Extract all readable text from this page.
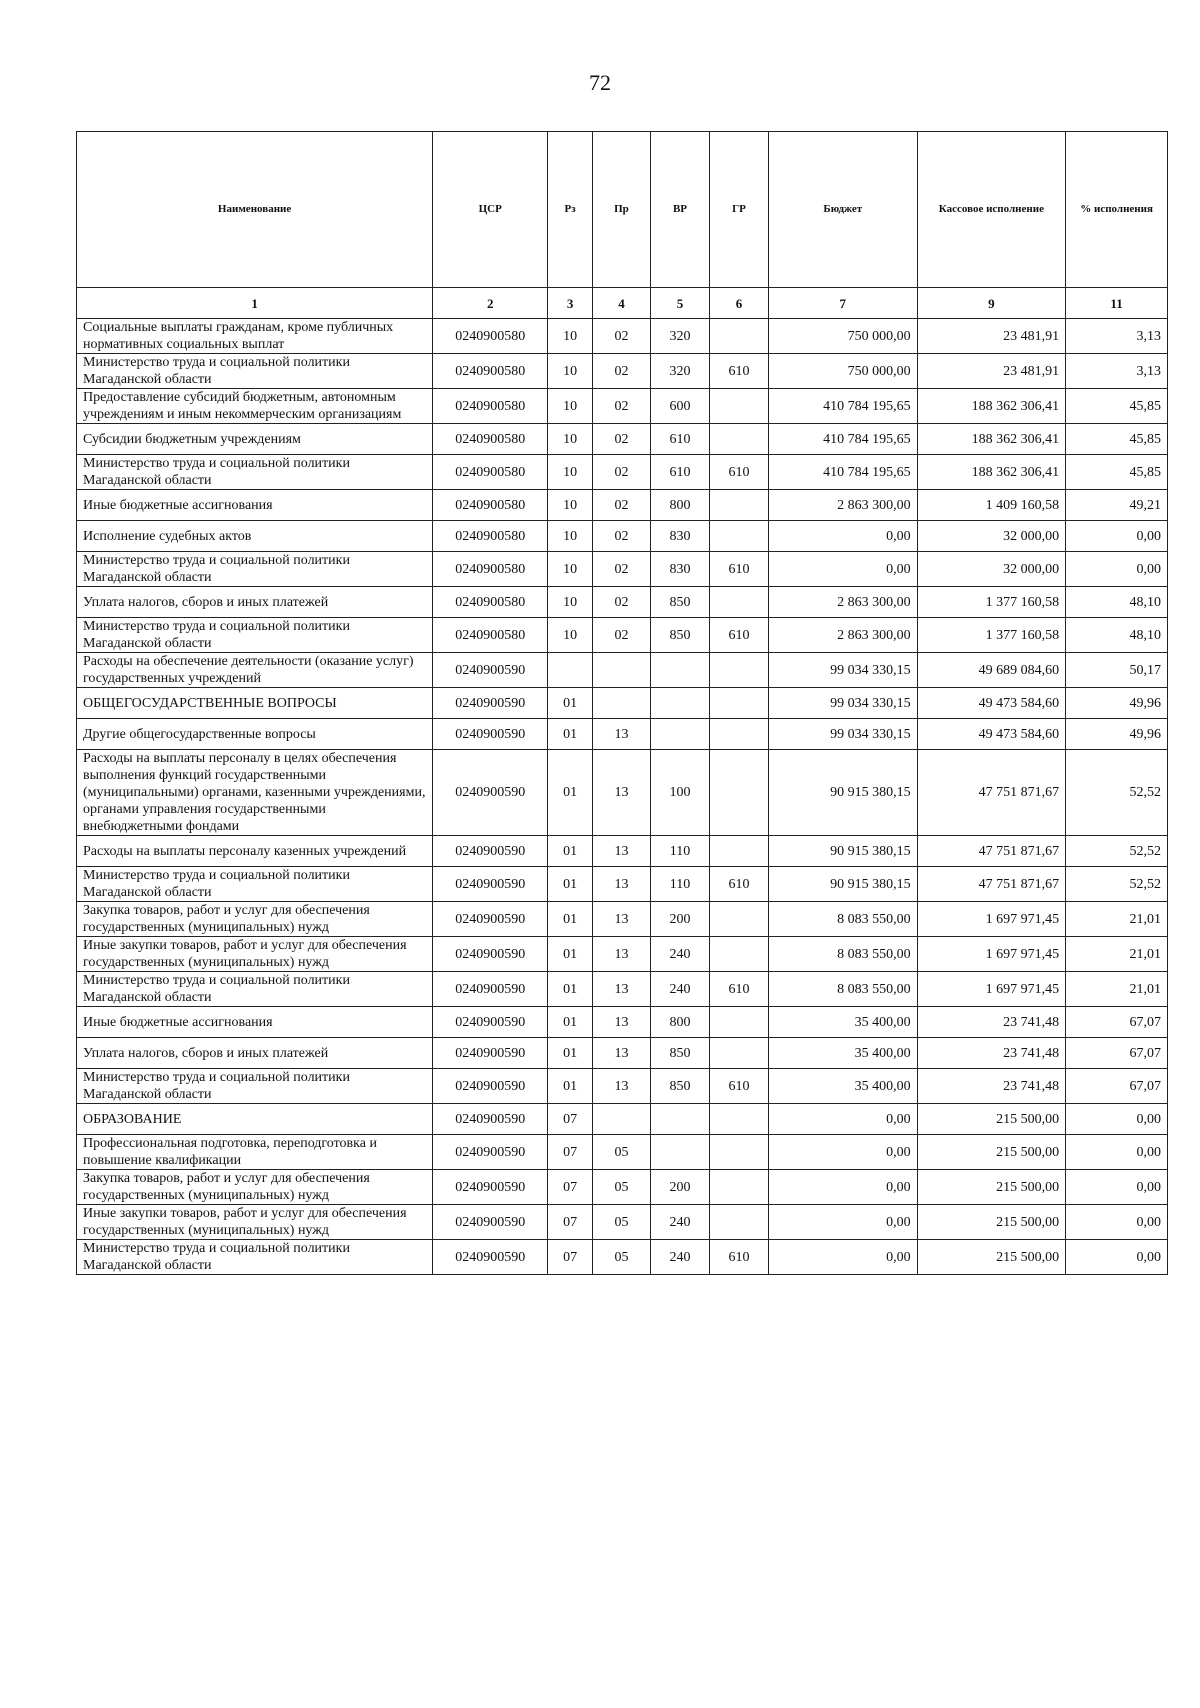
72
Наименование	ЦСР	Рз	Пр	ВР	ГР	Бюджет	Кассовое исполнение	% исполнения
1	2	3	4	5	6	7	9	11
Социальные выплаты гражданам, кроме публичных нормативных социальных выплат	0240900580	10	02	320		750 000,00	23 481,91	3,13
Министерство труда и социальной политики Магаданской области	0240900580	10	02	320	610	750 000,00	23 481,91	3,13
Предоставление субсидий бюджетным, автономным учреждениям и иным некоммерческим организациям	0240900580	10	02	600		410 784 195,65	188 362 306,41	45,85
Субсидии бюджетным учреждениям	0240900580	10	02	610		410 784 195,65	188 362 306,41	45,85
Министерство труда и социальной политики Магаданской области	0240900580	10	02	610	610	410 784 195,65	188 362 306,41	45,85
Иные бюджетные ассигнования	0240900580	10	02	800		2 863 300,00	1 409 160,58	49,21
Исполнение судебных актов	0240900580	10	02	830		0,00	32 000,00	0,00
Министерство труда и социальной политики Магаданской области	0240900580	10	02	830	610	0,00	32 000,00	0,00
Уплата налогов, сборов и иных платежей	0240900580	10	02	850		2 863 300,00	1 377 160,58	48,10
Министерство труда и социальной политики Магаданской области	0240900580	10	02	850	610	2 863 300,00	1 377 160,58	48,10
Расходы на обеспечение деятельности (оказание услуг) государственных учреждений	0240900590					99 034 330,15	49 689 084,60	50,17
ОБЩЕГОСУДАРСТВЕННЫЕ ВОПРОСЫ	0240900590	01				99 034 330,15	49 473 584,60	49,96
Другие общегосударственные вопросы	0240900590	01	13			99 034 330,15	49 473 584,60	49,96
Расходы на выплаты персоналу в целях обеспечения выполнения функций государственными (муниципальными) органами, казенными учреждениями, органами управления государственными внебюджетными фондами	0240900590	01	13	100		90 915 380,15	47 751 871,67	52,52
Расходы на выплаты персоналу казенных учреждений	0240900590	01	13	110		90 915 380,15	47 751 871,67	52,52
Министерство труда и социальной политики Магаданской области	0240900590	01	13	110	610	90 915 380,15	47 751 871,67	52,52
Закупка товаров, работ и услуг для обеспечения государственных (муниципальных) нужд	0240900590	01	13	200		8 083 550,00	1 697 971,45	21,01
Иные закупки товаров, работ и услуг для обеспечения государственных (муниципальных) нужд	0240900590	01	13	240		8 083 550,00	1 697 971,45	21,01
Министерство труда и социальной политики Магаданской области	0240900590	01	13	240	610	8 083 550,00	1 697 971,45	21,01
Иные бюджетные ассигнования	0240900590	01	13	800		35 400,00	23 741,48	67,07
Уплата налогов, сборов и иных платежей	0240900590	01	13	850		35 400,00	23 741,48	67,07
Министерство труда и социальной политики Магаданской области	0240900590	01	13	850	610	35 400,00	23 741,48	67,07
ОБРАЗОВАНИЕ	0240900590	07				0,00	215 500,00	0,00
Профессиональная подготовка, переподготовка и повышение квалификации	0240900590	07	05			0,00	215 500,00	0,00
Закупка товаров, работ и услуг для обеспечения государственных (муниципальных) нужд	0240900590	07	05	200		0,00	215 500,00	0,00
Иные закупки товаров, работ и услуг для обеспечения государственных (муниципальных) нужд	0240900590	07	05	240		0,00	215 500,00	0,00
Министерство труда и социальной политики Магаданской области	0240900590	07	05	240	610	0,00	215 500,00	0,00
